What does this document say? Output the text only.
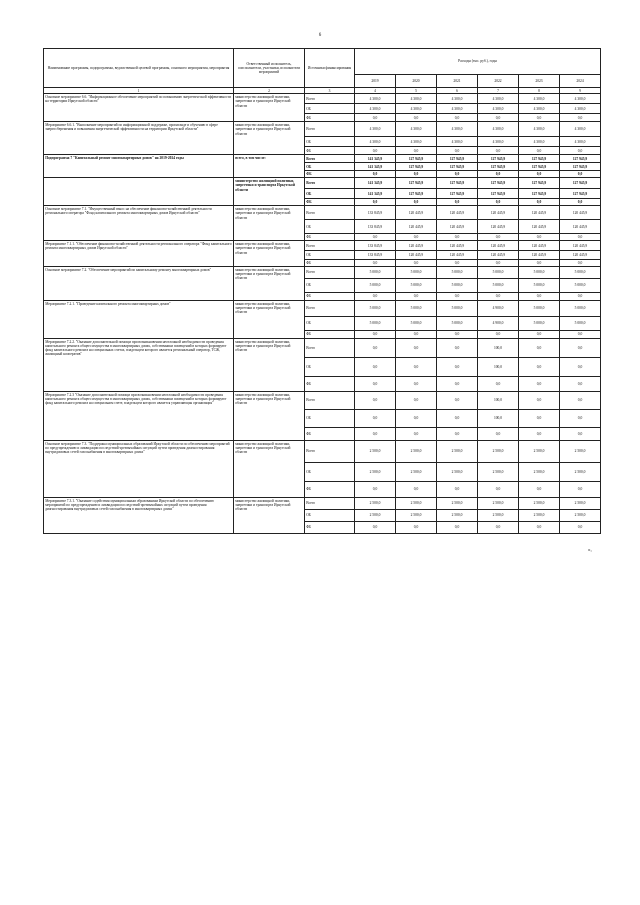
6
Наименование программы, подпрограммы, ведомственной целевой программы, основного мероприятия, мероприятия	Ответственный исполнитель, соисполнители, участники, исполнители мероприятий	Источники финансирования	Расходы (тыс. руб.), годы					
			2019	2020	2021	2022	2023	2024
1	2	3	4	5	6	7	8	9
Основное мероприятие 6.6. "Информационное обеспечение мероприятий по повышению энергетической эффективности на территории Иркутской области"	министерство жилищной политики, энергетики и транспорта Иркутской области	Всего	4 300,0	4 300,0	4 300,0	4 300,0	4 300,0	4 300,0
		ОБ	4 300,0	4 300,0	4 300,0	4 300,0	4 300,0	4 300,0
		ФБ	0,0	0,0	0,0	0,0	0,0	0,0
Мероприятие 6.6.1. "Выполнение мероприятий по информационной поддержке, пропаганде и обучению в сфере энергосбережения и повышения энергетической эффективности на территории Иркутской области"	министерство жилищной политики, энергетики и транспорта Иркутской области	Всего	4 300,0	4 300,0	4 300,0	4 300,0	4 300,0	4 300,0
		ОБ	4 300,0	4 300,0	4 300,0	4 300,0	4 300,0	4 300,0
		ФБ	0,0	0,0	0,0	0,0	0,0	0,0
Подпрограмма 7 "Капитальный ремонт многоквартирных домов" на 2019-2024 годы	всего, в том числе:	Всего	141 345,9	127 945,9	127 945,9	127 945,9	127 945,9	127 945,9
		ОБ	141 345,9	127 945,9	127 945,9	127 945,9	127 945,9	127 945,9
		ФБ	0,0	0,0	0,0	0,0	0,0	0,0
	министерство жилищной политики, энергетики и транспорта Иркутской области	Всего	141 345,9	127 945,9	127 945,9	127 945,9	127 945,9	127 945,9
		ОБ	141 345,9	127 945,9	127 945,9	127 945,9	127 945,9	127 945,9
		ФБ	0,0	0,0	0,0	0,0	0,0	0,0
Основное мероприятие 7.1. "Имущественный взнос на обеспечение финансово-хозяйственной деятельности регионального оператора "Фонд капитального ремонта многоквартирных домов Иркутской области"	министерство жилищной политики, энергетики и транспорта Иркутской области	Всего	133 845,9	120 445,9	120 445,9	120 445,9	120 445,9	120 445,9
		ОБ	133 845,9	120 445,9	120 445,9	120 445,9	120 445,9	120 445,9
		ФБ	0,0	0,0	0,0	0,0	0,0	0,0
Мероприятие 7.1.1. "Обеспечение финансово-хозяйственной деятельности регионального оператора "Фонд капитального ремонта многоквартирных домов Иркутской области"	министерство жилищной политики, энергетики и транспорта Иркутской области	Всего	133 845,9	120 445,9	120 445,9	120 445,9	120 445,9	120 445,9
		ОБ	133 845,9	120 445,9	120 445,9	120 445,9	120 445,9	120 445,9
		ФБ	0,0	0,0	0,0	0,0	0,0	0,0
Основное мероприятие 7.2. "Обеспечение мероприятий по капитальному ремонту многоквартирных домов"	министерство жилищной политики, энергетики и транспорта Иркутской области	Всего	5 000,0	5 000,0	5 000,0	5 000,0	5 000,0	5 000,0
		ОБ	5 000,0	5 000,0	5 000,0	5 000,0	5 000,0	5 000,0
		ФБ	0,0	0,0	0,0	0,0	0,0	0,0
Мероприятие 7.2.1. "Проведение капитального ремонта многоквартирных домов"	министерство жилищной политики, энергетики и транспорта Иркутской области	Всего	5 000,0	5 000,0	5 000,0	4 900,0	5 000,0	5 000,0
		ОБ	5 000,0	5 000,0	5 000,0	4 900,0	5 000,0	5 000,0
		ФБ	0,0	0,0	0,0	0,0	0,0	0,0
Мероприятие 7.2.2. "Оказание дополнительной помощи при возникновении неотложной необходимости проведения капитального ремонта общего имущества в многоквартирных домах, собственники помещений в которых формируют фонд капитального ремонта на специальных счетах, владельцем которого является региональный оператор, ТСЖ, жилищный кооператив"	министерство жилищной политики, энергетики и транспорта Иркутской области	Всего	0,0	0,0	0,0	100,0	0,0	0,0
		ОБ	0,0	0,0	0,0	100,0	0,0	0,0
		ФБ	0,0	0,0	0,0	0,0	0,0	0,0
Мероприятие 7.2.3 "Оказание дополнительной помощи при возникновении неотложной необходимости проведения капитального ремонта общего имущества в многоквартирных домах, собственники помещений в которых формируют фонд капитального ремонта на специальном счете, владельцем которого является управляющая организация"	министерство жилищной политики, энергетики и транспорта Иркутской области	Всего	0,0	0,0	0,0	100,0	0,0	0,0
		ОБ	0,0	0,0	0,0	100,0	0,0	0,0
		ФБ	0,0	0,0	0,0	0,0	0,0	0,0
Основное мероприятие 7.3. "Поддержка муниципальных образований Иркутской области по обеспечению мероприятий по предупреждению и ликвидации последствий чрезвычайных ситуаций путем проведения диагностирования внутридомовых сетей газоснабжения в многоквартирных домах"	министерство жилищной политики, энергетики и транспорта Иркутской области	Всего	2 500,0	2 500,0	2 500,0	2 500,0	2 500,0	2 500,0
		ОБ	2 500,0	2 500,0	2 500,0	2 500,0	2 500,0	2 500,0
		ФБ	0,0	0,0	0,0	0,0	0,0	0,0
Мероприятие 7.3.1. "Оказание содействия муниципальным образованиям Иркутской области по обеспечению мероприятий по предупреждению и ликвидации последствий чрезвычайных ситуаций путем проведения диагностирования внутридомовых сетей газоснабжения в многоквартирных домах"	министерство жилищной политики, энергетики и транспорта Иркутской области	Всего	2 500,0	2 500,0	2 500,0	2 500,0	2 500,0	2 500,0
		ОБ	2 500,0	2 500,0	2 500,0	2 500,0	2 500,0	2 500,0
		ФБ	0,0	0,0	0,0	0,0	0,0	0,0
»,
